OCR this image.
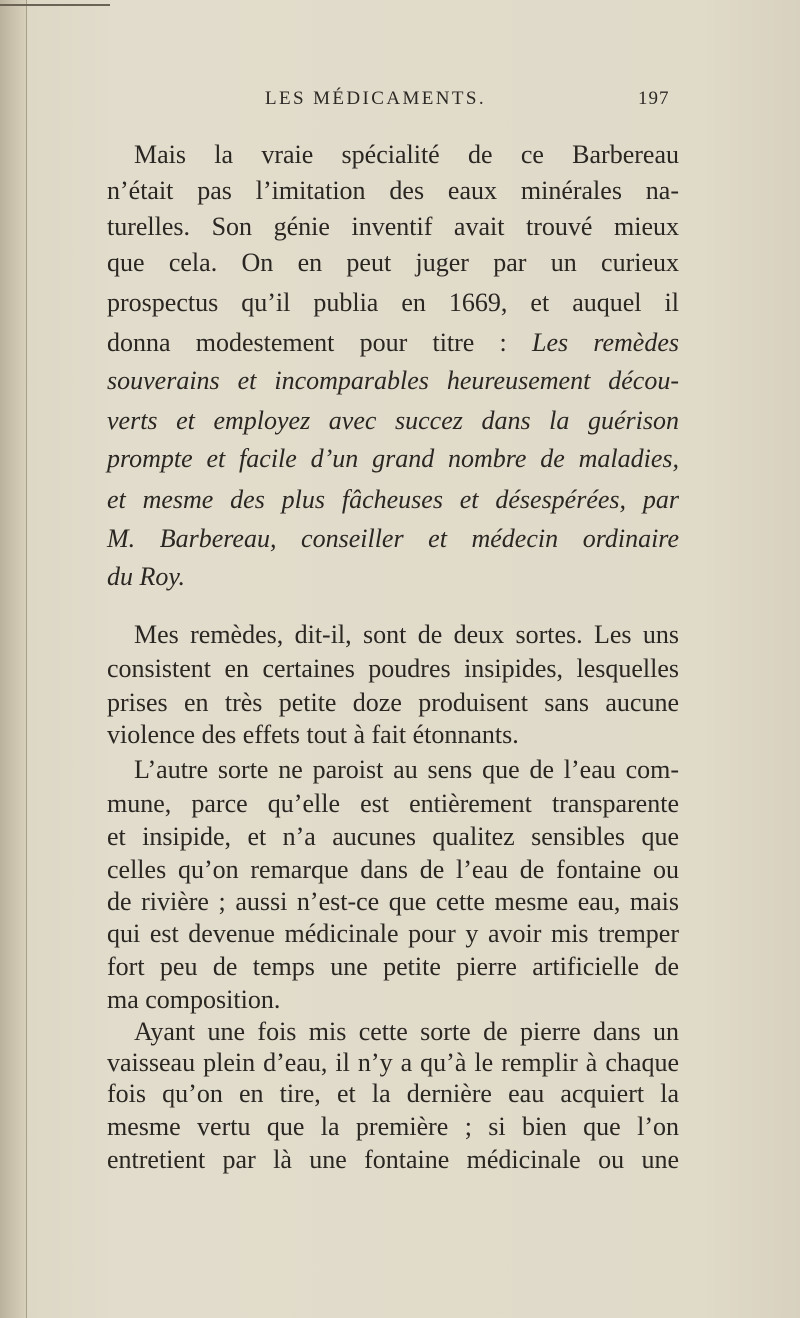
LES MÉDICAMENTS.	197
Mais la vraie spécialité de ce Barbereau
n’était pas l’imitation des eaux minérales na-
turelles. Son génie inventif avait trouvé mieux
que cela. On en peut juger par un curieux
prospectus qu’il publia en 1669, et auquel il
donna modestement pour titre : Les remèdes
souverains et incomparables heureusement décou-
verts et employez avec succez dans la guérison
prompte et facile d’un grand nombre de maladies,
et mesme des plus fâcheuses et désespérées, par
M. Barbereau, conseiller et médecin ordinaire
du Roy.
Mes remèdes, dit-il, sont de deux sortes. Les uns
consistent en certaines poudres insipides, lesquelles
prises en très petite doze produisent sans aucune
violence des effets tout à fait étonnants.
L’autre sorte ne paroist au sens que de l’eau com-
mune, parce qu’elle est entièrement transparente
et insipide, et n’a aucunes qualitez sensibles que
celles qu’on remarque dans de l’eau de fontaine ou
de rivière ; aussi n’est-ce que cette mesme eau, mais
qui est devenue médicinale pour y avoir mis tremper
fort peu de temps une petite pierre artificielle de
ma composition.
Ayant une fois mis cette sorte de pierre dans un
vaisseau plein d’eau, il n’y a qu’à le remplir à chaque
fois qu’on en tire, et la dernière eau acquiert la
mesme vertu que la première ; si bien que l’on
entretient par là une fontaine médicinale ou une
